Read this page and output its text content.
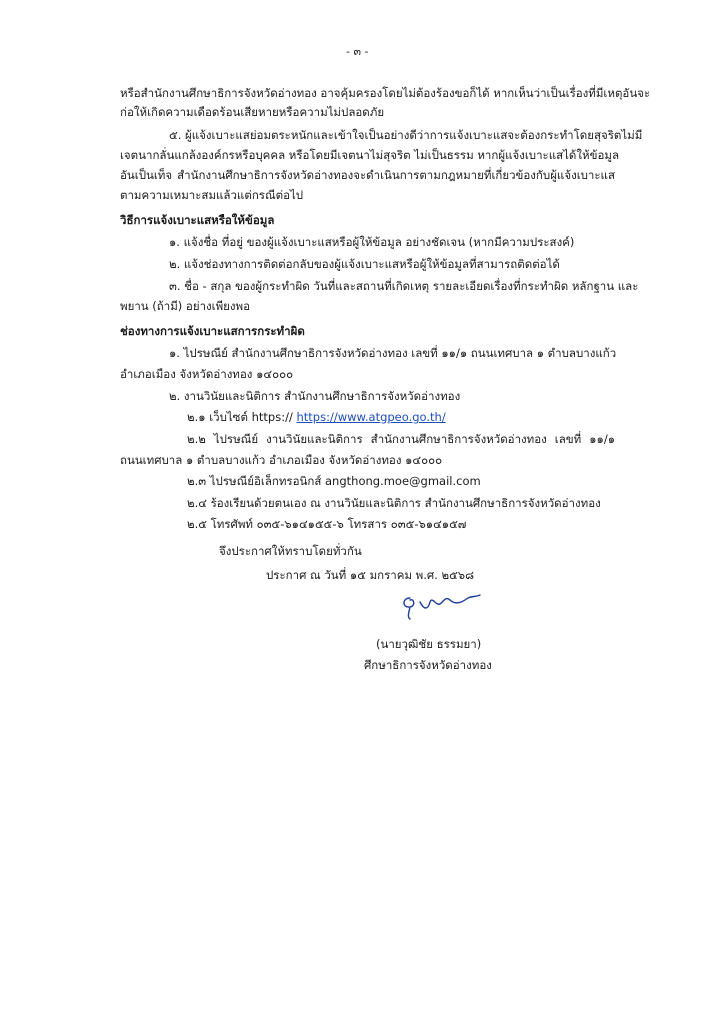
- ๓ -
หรือสำนักงานศึกษาธิการจังหวัดอ่างทอง อาจคุ้มครองโดยไม่ต้องร้องขอก็ได้ หากเห็นว่าเป็นเรื่องที่มีเหตุอันจะ
ก่อให้เกิดความเดือดร้อนเสียหายหรือความไม่ปลอดภัย
๕. ผู้แจ้งเบาะแสย่อมตระหนักและเข้าใจเป็นอย่างดีว่าการแจ้งเบาะแสจะต้องกระทำโดยสุจริตไม่มี
เจตนากลั่นแกล้งองค์กรหรือบุคคล หรือโดยมีเจตนาไม่สุจริต ไม่เป็นธรรม หากผู้แจ้งเบาะแสได้ให้ข้อมูล
อันเป็นเท็จ สำนักงานศึกษาธิการจังหวัดอ่างทองจะดำเนินการตามกฎหมายที่เกี่ยวข้องกับผู้แจ้งเบาะแส
ตามความเหมาะสมแล้วแต่กรณีต่อไป
วิธีการแจ้งเบาะแสหรือให้ข้อมูล
๑. แจ้งชื่อ ที่อยู่ ของผู้แจ้งเบาะแสหรือผู้ให้ข้อมูล อย่างชัดเจน (หากมีความประสงค์)
๒. แจ้งช่องทางการติดต่อกลับของผู้แจ้งเบาะแสหรือผู้ให้ข้อมูลที่สามารถติดต่อได้
๓. ชื่อ - สกุล ของผู้กระทำผิด วันที่และสถานที่เกิดเหตุ รายละเอียดเรื่องที่กระทำผิด หลักฐาน และ
พยาน (ถ้ามี) อย่างเพียงพอ
ช่องทางการแจ้งเบาะแสการกระทำผิด
๑. ไปรษณีย์ สำนักงานศึกษาธิการจังหวัดอ่างทอง เลขที่ ๑๑/๑ ถนนเทศบาล ๑ ตำบลบางแก้ว
อำเภอเมือง จังหวัดอ่างทอง ๑๔๐๐๐
๒. งานวินัยและนิติการ สำนักงานศึกษาธิการจังหวัดอ่างทอง
๒.๑ เว็บไซต์ https:// https://www.atgpeo.go.th/
๒.๒ ไปรษณีย์ งานวินัยและนิติการ สำนักงานศึกษาธิการจังหวัดอ่างทอง เลขที่ ๑๑/๑
ถนนเทศบาล ๑ ตำบลบางแก้ว อำเภอเมือง จังหวัดอ่างทอง ๑๔๐๐๐
๒.๓ ไปรษณีย์อิเล็กทรอนิกส์ angthong.moe@gmail.com
๒.๔ ร้องเรียนด้วยตนเอง ณ งานวินัยและนิติการ สำนักงานศึกษาธิการจังหวัดอ่างทอง
๒.๕ โทรศัพท์ ๐๓๕-๖๑๔๑๕๕-๖ โทรสาร ๐๓๕-๖๑๔๑๕๗
จึงประกาศให้ทราบโดยทั่วกัน
ประกาศ ณ วันที่ ๑๕ มกราคม พ.ศ. ๒๕๖๘
(นายวุฒิชัย ธรรมยา)
ศึกษาธิการจังหวัดอ่างทอง
